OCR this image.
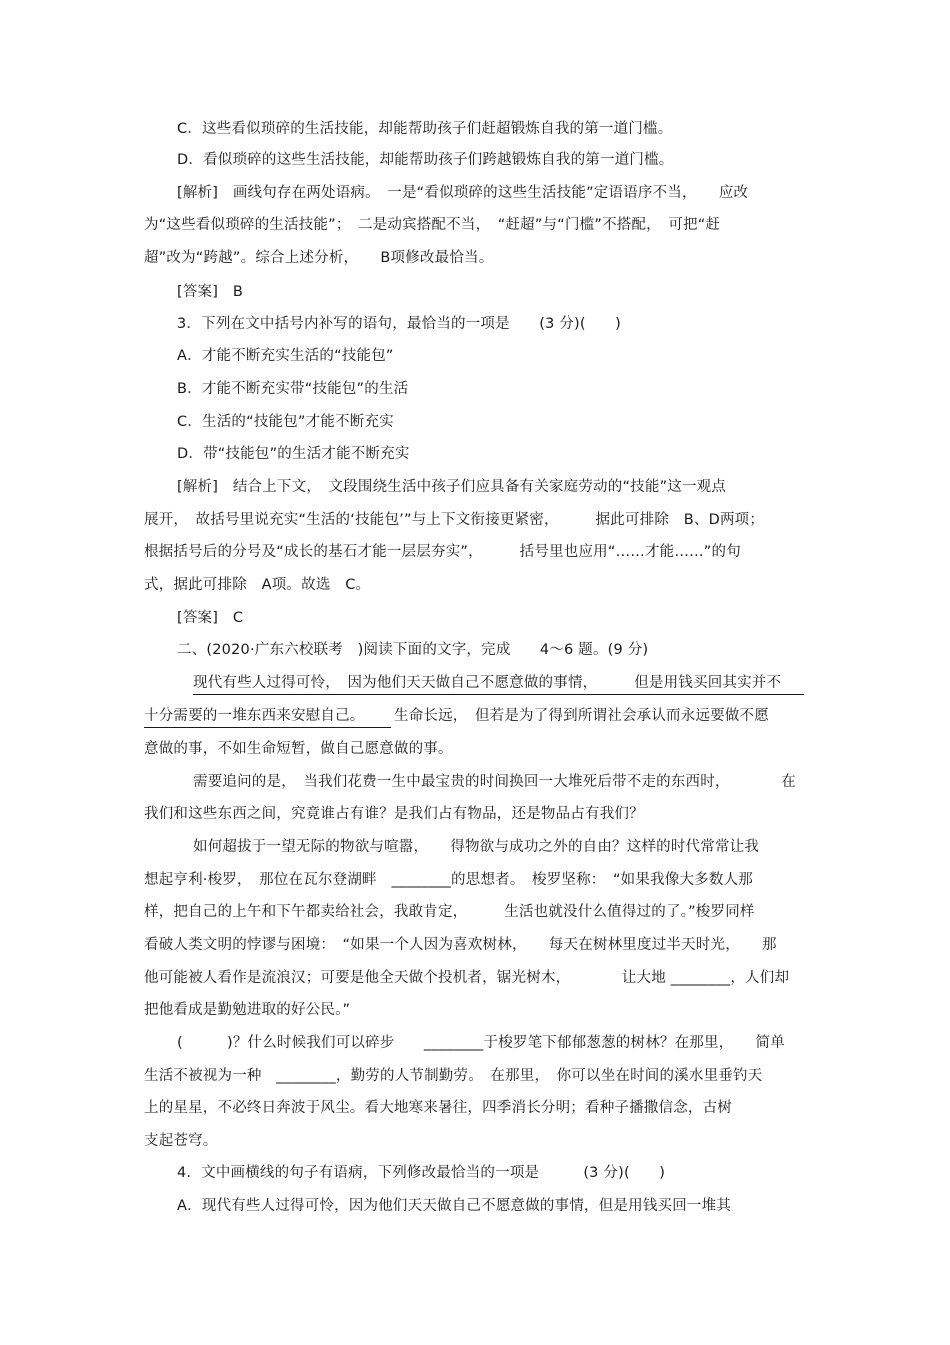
C．这些看似琐碎的生活技能，却能帮助孩子们赶超锻炼自我的第一道门槛。
D．看似琐碎的这些生活技能，却能帮助孩子们跨越锻炼自我的第一道门槛。
[解析]　画线句存在两处语病。　一是“看似琐碎的这些生活技能”定语语序不当，　　应改
为“这些看似琐碎的生活技能”；　二是动宾搭配不当，　“赶超”与“门槛”不搭配，　可把“赶
超”改为“跨越”。综合上述分析，　　B项修改最恰当。
[答案]　B
3．下列在文中括号内补写的语句，最恰当的一项是　　(3 分)(　　)
A．才能不断充实生活的“技能包”
B．才能不断充实带“技能包”的生活
C．生活的“技能包”才能不断充实
D．带“技能包”的生活才能不断充实
[解析]　结合上下文，　文段围绕生活中孩子们应具备有关家庭劳动的“技能”这一观点
展开，　故括号里说充实“生活的‘技能包’”与上下文衔接更紧密，　　　据此可排除　B、D两项；
根据括号后的分号及“成长的基石才能一层层夯实”，　　　括号里也应用“……才能……”的句
式，据此可排除　A项。故选　C。
[答案]　C
二、(2020·广东六校联考　)阅读下面的文字，完成　　4～6 题。(9 分)
现代有些人过得可怜，　因为他们天天做自己不愿意做的事情，　　　但是用钱买回其实并不
十分需要的一堆东西来安慰自己。	生命长远，　但若是为了得到所谓社会承认而永远要做不愿
意做的事，不如生命短暂，做自己愿意做的事。
需要追问的是，　当我们花费一生中最宝贵的时间换回一大堆死后带不走的东西时，　　　　在
我们和这些东西之间，究竟谁占有谁？是我们占有物品，还是物品占有我们？
如何超拔于一望无际的物欲与喧嚣，　　得物欲与成功之外的自由？这样的时代常常让我
想起亨利·梭罗，　那位在瓦尔登湖畔　________的思想者。　梭罗坚称：　“如果我像大多数人那
样，把自己的上午和下午都卖给社会，我敢肯定，　　　生活也就没什么值得过的了。”梭罗同样
看破人类文明的悖谬与困境：　“如果一个人因为喜欢树林，　　每天在树林里度过半天时光，　　那
他可能被人看作是流浪汉；可要是他全天做个投机者，锯光树木，　　　　让大地 ________，人们却
把他看成是勤勉进取的好公民。”
(　　　)？什么时候我们可以碎步　　________于梭罗笔下郁郁葱葱的树林？在那里，　　简单
生活不被视为一种　________，勤劳的人节制勤劳。　在那里，　你可以坐在时间的溪水里垂钓天
上的星星，不必终日奔波于风尘。看大地寒来暑往，四季消长分明；看种子播撒信念，古树
支起苍穹。
4．文中画横线的句子有语病，下列修改最恰当的一项是　　　(3 分)(　　)
A．现代有些人过得可怜，因为他们天天做自己不愿意做的事情，但是用钱买回一堆其
